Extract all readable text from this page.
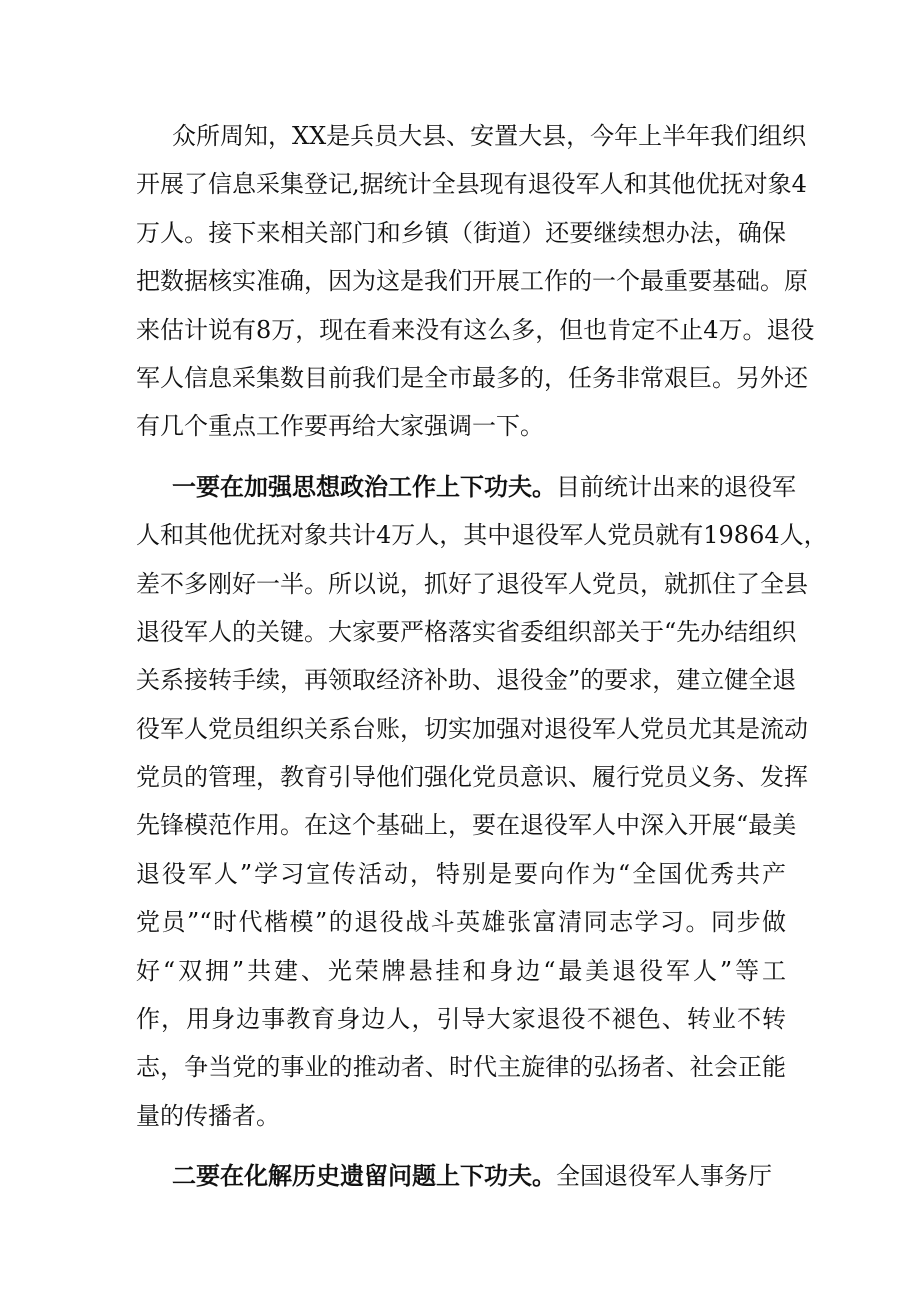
众所周知，XX是兵员大县、安置大县，今年上半年我们组织
开展了信息采集登记,据统计全县现有退役军人和其他优抚对象4
万人。接下来相关部门和乡镇（街道）还要继续想办法，确保
把数据核实准确，因为这是我们开展工作的一个最重要基础。原
来估计说有8万，现在看来没有这么多，但也肯定不止4万。退役
军人信息采集数目前我们是全市最多的，任务非常艰巨。另外还
有几个重点工作要再给大家强调一下。
一要在加强思想政治工作上下功夫。目前统计出来的退役军
人和其他优抚对象共计4万人，其中退役军人党员就有19864人，
差不多刚好一半。所以说，抓好了退役军人党员，就抓住了全县
退役军人的关键。大家要严格落实省委组织部关于“先办结组织
关系接转手续，再领取经济补助、退役金”的要求，建立健全退
役军人党员组织关系台账，切实加强对退役军人党员尤其是流动
党员的管理，教育引导他们强化党员意识、履行党员义务、发挥
先锋模范作用。在这个基础上，要在退役军人中深入开展“最美
退役军人”学习宣传活动，特别是要向作为“全国优秀共产
党员”“时代楷模”的退役战斗英雄张富清同志学习。同步做
好“双拥”共建、光荣牌悬挂和身边“最美退役军人”等工
作，用身边事教育身边人，引导大家退役不褪色、转业不转
志，争当党的事业的推动者、时代主旋律的弘扬者、社会正能
量的传播者。
二要在化解历史遗留问题上下功夫。全国退役军人事务厅
